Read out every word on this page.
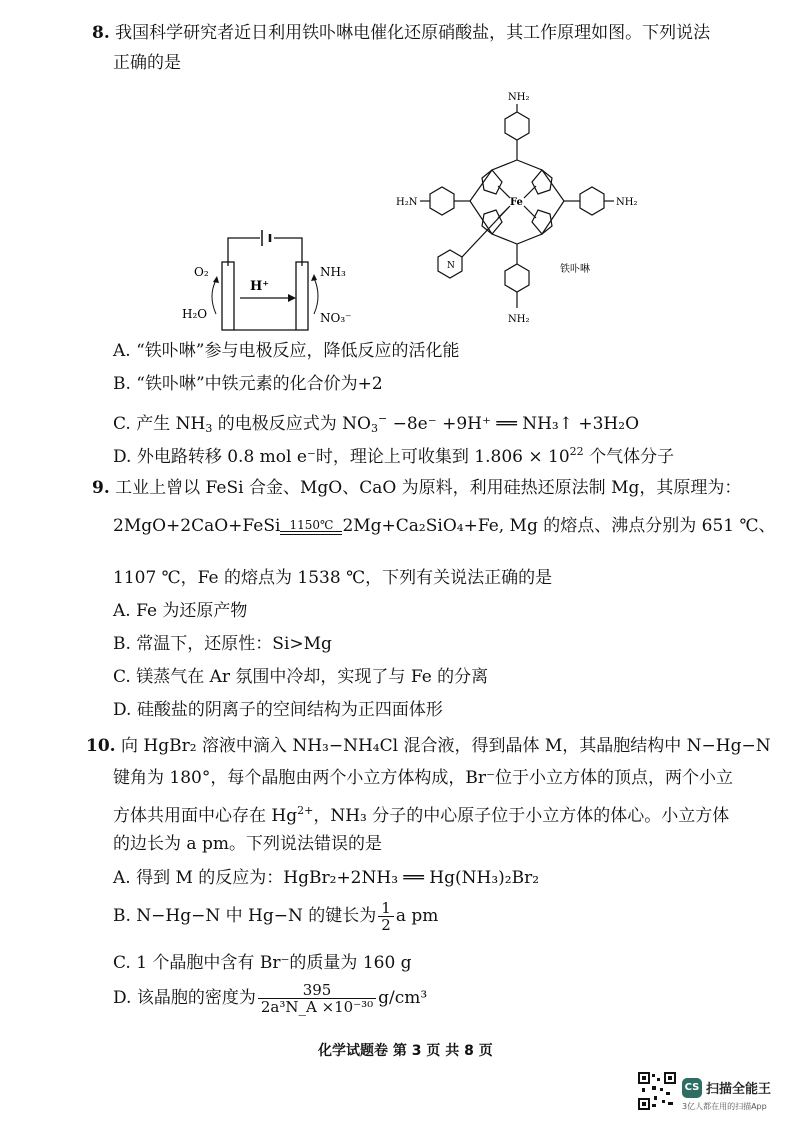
8. 我国科学研究者近日利用铁卟啉电催化还原硝酸盐，其工作原理如图。下列说法
正确的是
O₂
H₂O
H⁺
NH₃
NO₃⁻
NH₂
H₂N	NH₂
NH₂
Fe
N	铁卟啉
A. “铁卟啉”参与电极反应，降低反应的活化能
B. “铁卟啉”中铁元素的化合价为+2
C. 产生 $NH_3$ 的电极反应式为 $NO_3^- -8e^- +9H^+$ ══ NH₃↑ +3H₂O
D. 外电路转移 0.8 mol e⁻时，理论上可收集到 $1.806 \times 10^{22}$ 个气体分子
9. 工业上曾以 FeSi 合金、MgO、CaO 为原料，利用硅热还原法制 Mg，其原理为：
2MgO+2CaO+FeSi 1150℃ 2Mg+Ca₂SiO₄+Fe, Mg 的熔点、沸点分别为 651 ℃、
1107 ℃，Fe 的熔点为 1538 ℃，下列有关说法正确的是
A. Fe 为还原产物
B. 常温下，还原性：Si>Mg
C. 镁蒸气在 Ar 氛围中冷却，实现了与 Fe 的分离
D. 硅酸盐的阴离子的空间结构为正四面体形
10. 向 HgBr₂ 溶液中滴入 NH₃−NH₄Cl 混合液，得到晶体 M，其晶胞结构中 N−Hg−N
键角为 180°，每个晶胞由两个小立方体构成，Br⁻位于小立方体的顶点，两个小立
方体共用面中心存在 $Hg^{2+}$，NH₃ 分子的中心原子位于小立方体的体心。小立方体
的边长为 a pm。下列说法错误的是
A. 得到 M 的反应为：HgBr₂+2NH₃ ══ Hg(NH₃)₂Br₂
B. N−Hg−N 中 Hg−N 的键长为 $\frac{1}{2}$ a pm
C. 1 个晶胞中含有 Br⁻的质量为 160 g
D. 该晶胞的密度为 $\frac{395}{\text{2a³N\_A ×10⁻³⁰}} g/cm^3$
化学试题卷 第 3 页 共 8 页
CS 扫描全能王
3亿人都在用的扫描App
